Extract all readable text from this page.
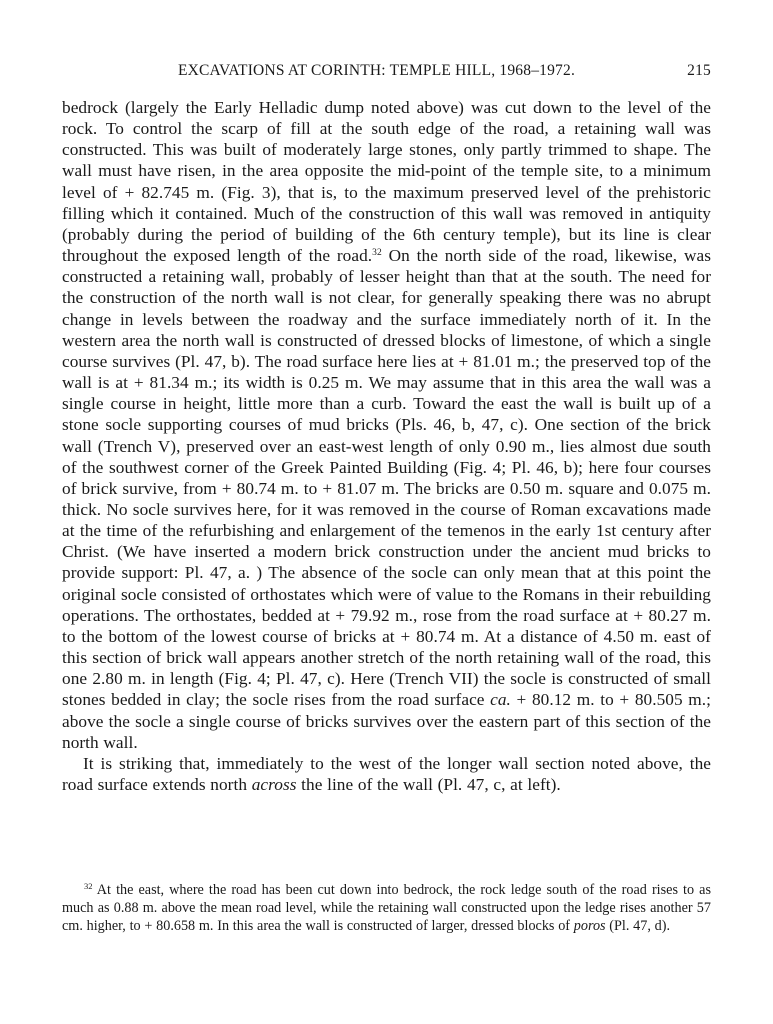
EXCAVATIONS AT CORINTH: TEMPLE HILL, 1968–1972.	215

bedrock (largely the Early Helladic dump noted above) was cut down to the level of the rock. To control the scarp of fill at the south edge of the road, a retaining wall was constructed. This was built of moderately large stones, only partly trimmed to shape. The wall must have risen, in the area opposite the mid-point of the temple site, to a minimum level of + 82.745 m. (Fig. 3), that is, to the maximum preserved level of the prehistoric filling which it contained. Much of the construction of this wall was removed in antiquity (probably during the period of building of the 6th century temple), but its line is clear throughout the exposed length of the road.$^{32}$ On the north side of the road, likewise, was constructed a retaining wall, probably of lesser height than that at the south. The need for the construction of the north wall is not clear, for generally speaking there was no abrupt change in levels between the roadway and the surface immediately north of it. In the western area the north wall is constructed of dressed blocks of limestone, of which a single course survives (Pl. 47, b). The road surface here lies at + 81.01 m.; the preserved top of the wall is at + 81.34 m.; its width is 0.25 m. We may assume that in this area the wall was a single course in height, little more than a curb. Toward the east the wall is built up of a stone socle supporting courses of mud bricks (Pls. 46, b, 47, c). One section of the brick wall (Trench V), preserved over an east-west length of only 0.90 m., lies almost due south of the southwest corner of the Greek Painted Building (Fig. 4; Pl. 46, b); here four courses of brick survive, from + 80.74 m. to + 81.07 m. The bricks are 0.50 m. square and 0.075 m. thick. No socle survives here, for it was removed in the course of Roman excavations made at the time of the refurbishing and enlargement of the temenos in the early 1st century after Christ. (We have inserted a modern brick construction under the ancient mud bricks to provide support: Pl. 47, a. ) The absence of the socle can only mean that at this point the original socle consisted of orthostates which were of value to the Romans in their rebuilding operations. The orthostates, bedded at + 79.92 m., rose from the road surface at + 80.27 m. to the bottom of the lowest course of bricks at + 80.74 m. At a distance of 4.50 m. east of this section of brick wall appears another stretch of the north retaining wall of the road, this one 2.80 m. in length (Fig. 4; Pl. 47, c). Here (Trench VII) the socle is constructed of small stones bedded in clay; the socle rises from the road surface ca. + 80.12 m. to + 80.505 m.; above the socle a single course of bricks survives over the eastern part of this section of the north wall.

It is striking that, immediately to the west of the longer wall section noted above, the road surface extends north across the line of the wall (Pl. 47, c, at left).

$^{32}$ At the east, where the road has been cut down into bedrock, the rock ledge south of the road rises to as much as 0.88 m. above the mean road level, while the retaining wall constructed upon the ledge rises another 57 cm. higher, to + 80.658 m. In this area the wall is constructed of larger, dressed blocks of poros (Pl. 47, d).
